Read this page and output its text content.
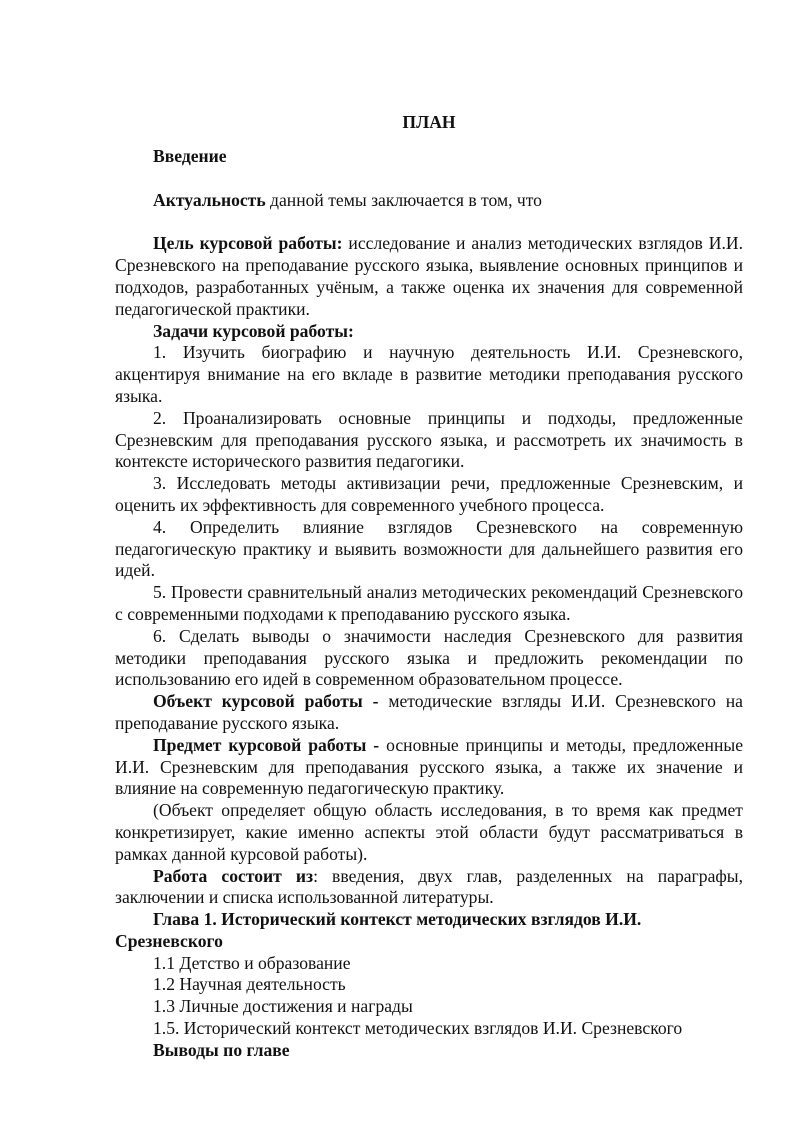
ПЛАН

Введение

Актуальность данной темы заключается в том, что

Цель курсовой работы: исследование и анализ методических взглядов И.И. Срезневского на преподавание русского языка, выявление основных принципов и подходов, разработанных учёным, а также оценка их значения для современной педагогической практики.

Задачи курсовой работы:

1. Изучить биографию и научную деятельность И.И. Срезневского, акцентируя внимание на его вкладе в развитие методики преподавания русского языка.

2. Проанализировать основные принципы и подходы, предложенные Срезневским для преподавания русского языка, и рассмотреть их значимость в контексте исторического развития педагогики.

3. Исследовать методы активизации речи, предложенные Срезневским, и оценить их эффективность для современного учебного процесса.

4. Определить влияние взглядов Срезневского на современную педагогическую практику и выявить возможности для дальнейшего развития его идей.

5. Провести сравнительный анализ методических рекомендаций Срезневского с современными подходами к преподаванию русского языка.

6. Сделать выводы о значимости наследия Срезневского для развития методики преподавания русского языка и предложить рекомендации по использованию его идей в современном образовательном процессе.

Объект курсовой работы - методические взгляды И.И. Срезневского на преподавание русского языка.

Предмет курсовой работы - основные принципы и методы, предложенные И.И. Срезневским для преподавания русского языка, а также их значение и влияние на современную педагогическую практику.

(Объект определяет общую область исследования, в то время как предмет конкретизирует, какие именно аспекты этой области будут рассматриваться в рамках данной курсовой работы).

Работа состоит из: введения, двух глав, разделенных на параграфы, заключении и списка использованной литературы.

Глава 1. Исторический контекст методических взглядов И.И. Срезневского

1.1 Детство и образование

1.2 Научная деятельность

1.3 Личные достижения и награды

1.5. Исторический контекст методических взглядов И.И. Срезневского

Выводы по главе
